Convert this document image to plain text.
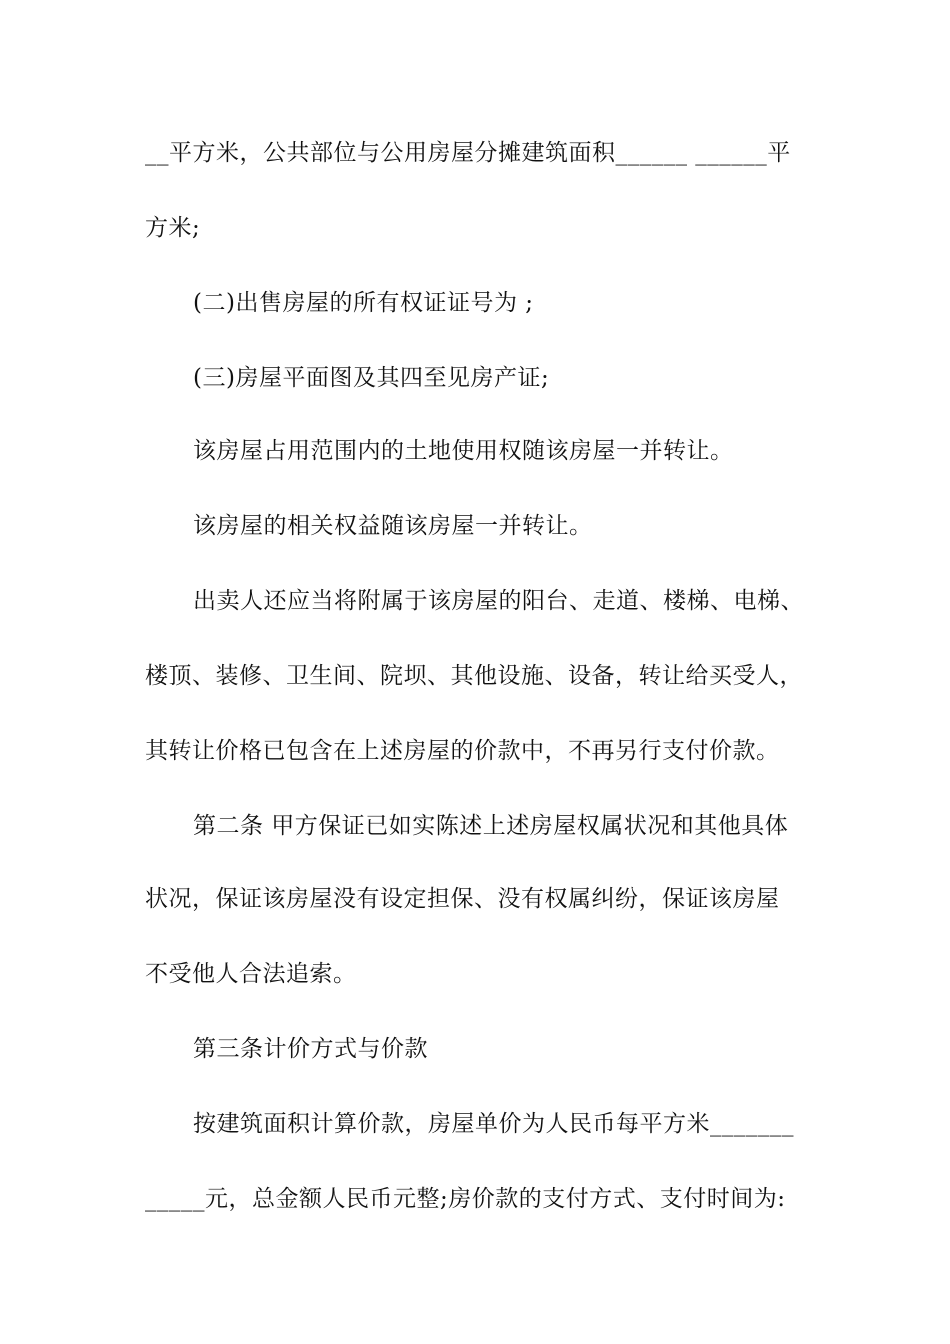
__平方米，公共部位与公用房屋分摊建筑面积______ ______平
方米;
(二)出售房屋的所有权证证号为 ;
(三)房屋平面图及其四至见房产证;
该房屋占用范围内的土地使用权随该房屋一并转让。
该房屋的相关权益随该房屋一并转让。
出卖人还应当将附属于该房屋的阳台、走道、楼梯、电梯、
楼顶、装修、卫生间、院坝、其他设施、设备，转让给买受人，
其转让价格已包含在上述房屋的价款中，不再另行支付价款。
第二条 甲方保证已如实陈述上述房屋权属状况和其他具体
状况，保证该房屋没有设定担保、没有权属纠纷，保证该房屋
不受他人合法追索。
第三条计价方式与价款
按建筑面积计算价款，房屋单价为人民币每平方米_______
_____元，总金额人民币元整;房价款的支付方式、支付时间为:
